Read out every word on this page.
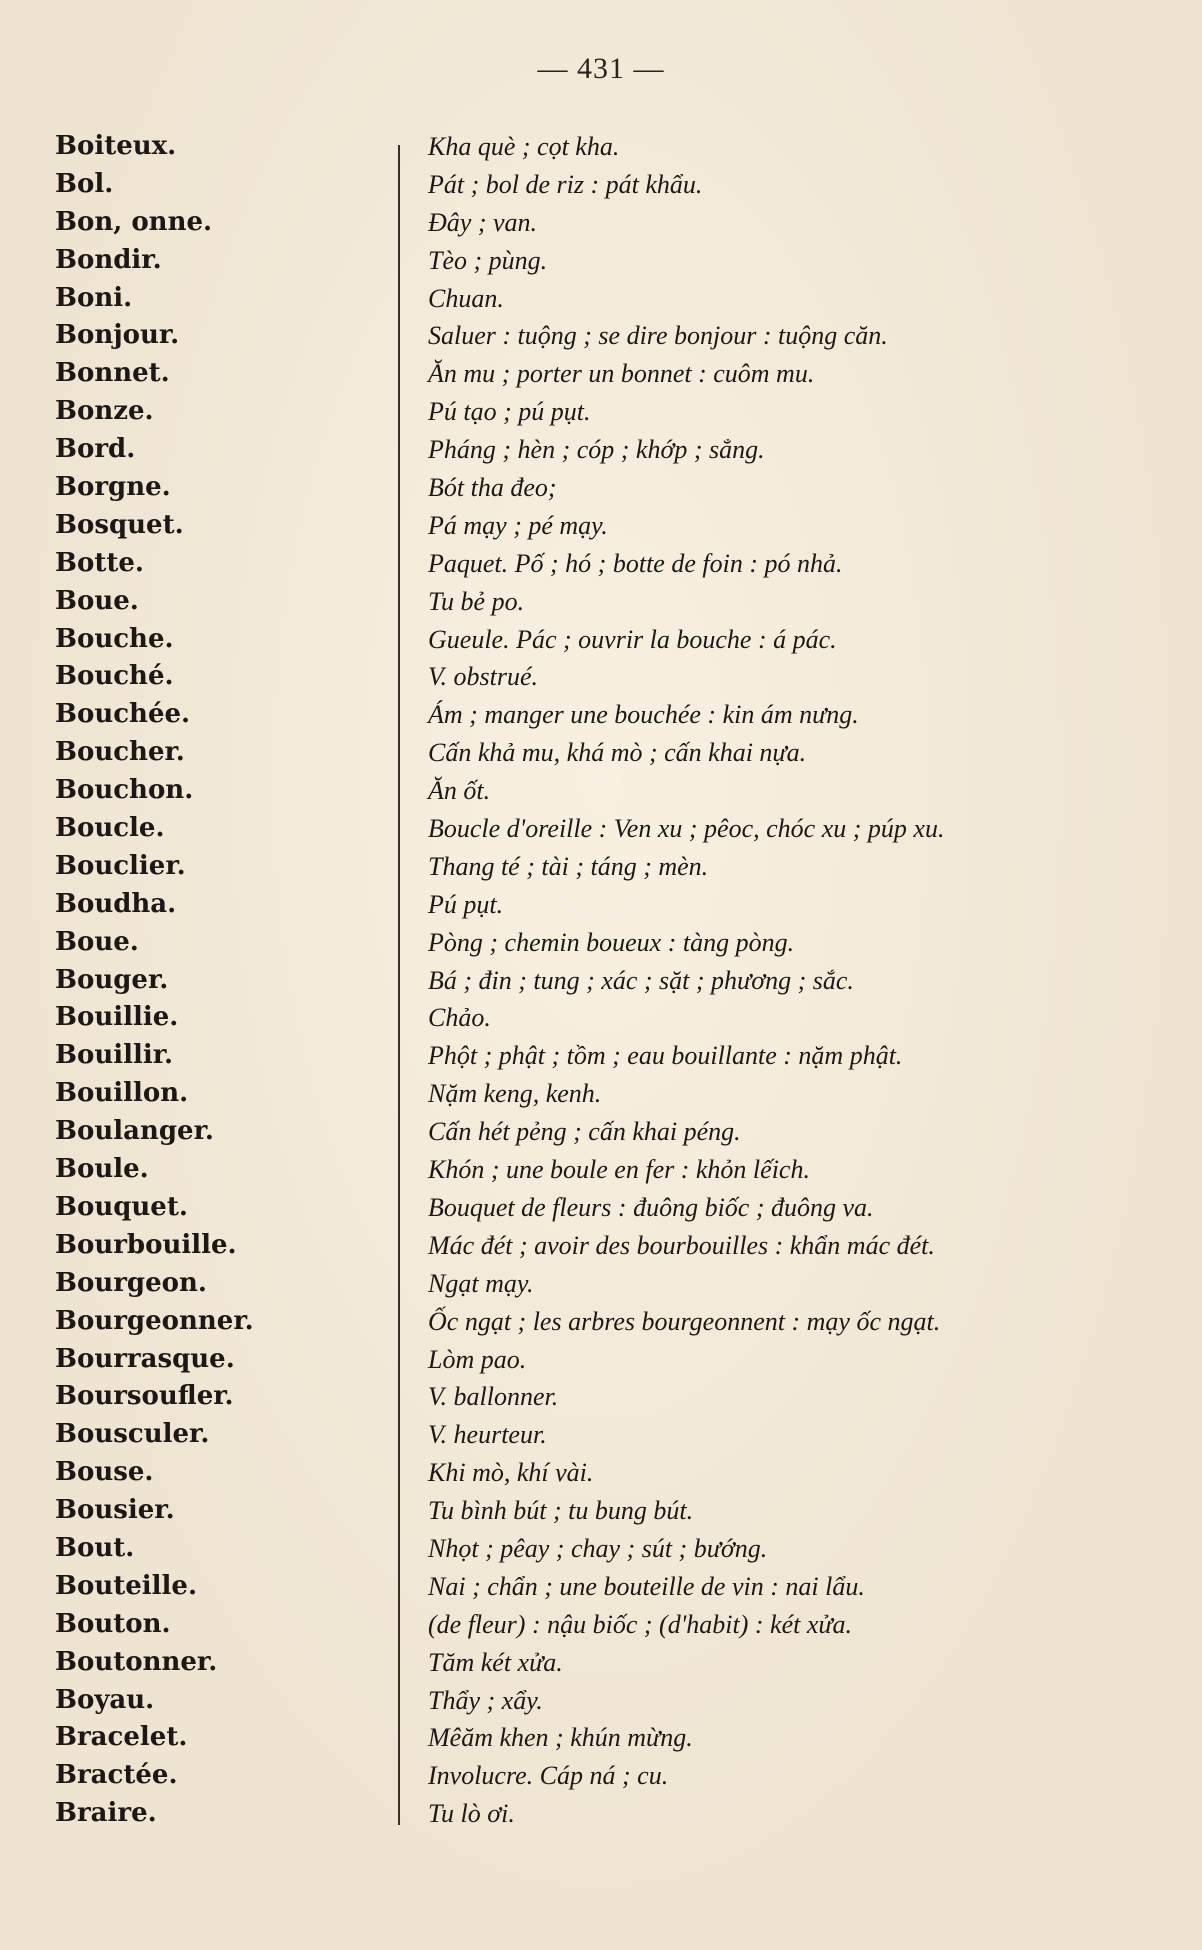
— 431 —
Boiteux.
Bol.
Bon, onne.
Bondir.
Boni.
Bonjour.
Bonnet.
Bonze.
Bord.
Borgne.
Bosquet.
Botte.
Boue.
Bouche.
Bouché.
Bouchée.
Boucher.
Bouchon.
Boucle.
Bouclier.
Boudha.
Boue.
Bouger.
Bouillie.
Bouillir.
Bouillon.
Boulanger.
Boule.
Bouquet.
Bourbouille.
Bourgeon.
Bourgeonner.
Bourrasque.
Boursoufler.
Bousculer.
Bouse.
Bousier.
Bout.
Bouteille.
Bouton.
Boutonner.
Boyau.
Bracelet.
Bractée.
Braire.
Kha què ; cọt kha.
Pát ; bol de riz : pát khẩu.
Đây ; van.
Tèo ; pùng.
Chuan.
Saluer : tuộng ; se dire bonjour : tuộng căn.
Ăn mu ; porter un bonnet : cuôm mu.
Pú tạo ; pú pụt.
Pháng ; hèn ; cóp ; khớp ; sẳng.
Bót tha đeo;
Pá mạy ; pé mạy.
Paquet. Pố ; hó ; botte de foin : pó nhả.
Tu bẻ po.
Gueule. Pác ; ouvrir la bouche : á pác.
V. obstrué.
Ám ; manger une bouchée : kin ám nưng.
Cấn khả mu, khá mò ; cấn khai nựa.
Ăn ốt.
Boucle d'oreille : Ven xu ; pêoc, chóc xu ; púp xu.
Thang té ; tài ; táng ; mèn.
Pú pụt.
Pòng ; chemin boueux : tàng pòng.
Bá ; đin ; tung ; xác ; sặt ; phương ; sắc.
Chảo.
Phột ; phật ; tồm ; eau bouillante : nặm phật.
Nặm keng, kenh.
Cấn hét pẻng ; cấn khai péng.
Khón ; une boule en fer : khỏn lếich.
Bouquet de fleurs : đuông biốc ; đuông va.
Mác đét ; avoir des bourbouilles : khẩn mác đét.
Ngạt mạy.
Ốc ngạt ; les arbres bourgeonnent : mạy ốc ngạt.
Lòm pao.
V. ballonner.
V. heurteur.
Khi mò, khí vài.
Tu bình bút ; tu bung bút.
Nhọt ; pêay ; chay ; sút ; bướng.
Nai ; chẩn ; une bouteille de vin : nai lẩu.
(de fleur) : nậu biốc ; (d'habit) : két xửa.
Tăm két xửa.
Thẩy ; xẩy.
Mêăm khen ; khún mừng.
Involucre. Cáp ná ; cu.
Tu lò ơi.
